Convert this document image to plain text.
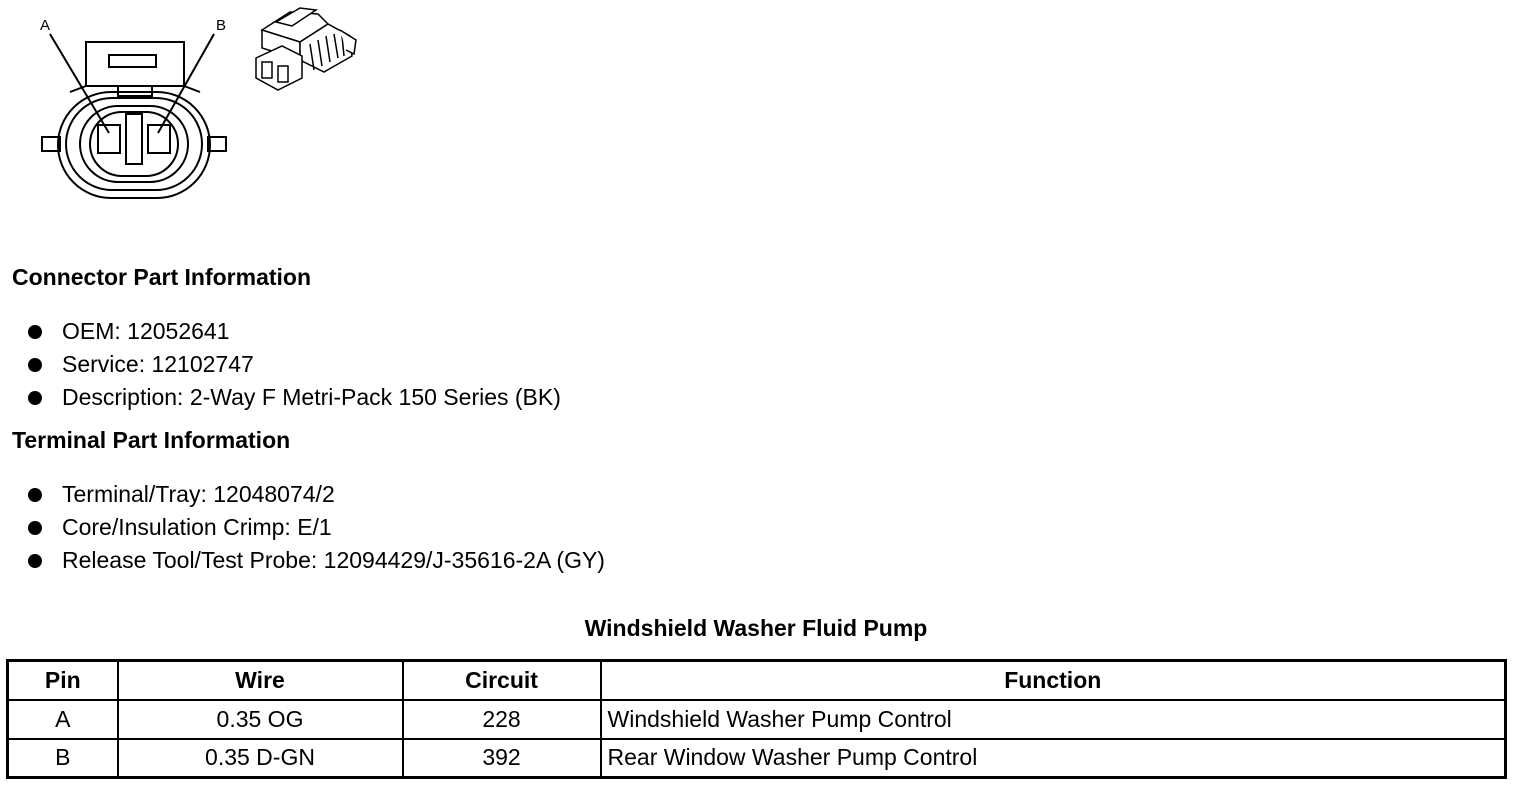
A	B
Connector Part Information
OEM: 12052641
Service: 12102747
Description: 2-Way F Metri-Pack 150 Series (BK)
Terminal Part Information
Terminal/Tray: 12048074/2
Core/Insulation Crimp: E/1
Release Tool/Test Probe: 12094429/J-35616-2A (GY)
Windshield Washer Fluid Pump
Pin	Wire	Circuit	Function
A	0.35 OG	228	Windshield Washer Pump Control
B	0.35 D-GN	392	Rear Window Washer Pump Control
